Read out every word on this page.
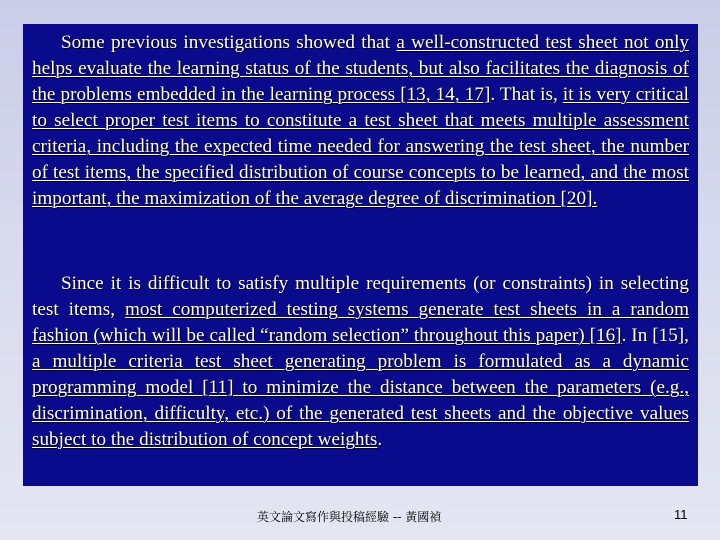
Some previous investigations showed that a well-constructed test sheet not only helps evaluate the learning status of the students, but also facilitates the diagnosis of the problems embedded in the learning process [13, 14, 17]. That is, it is very critical to select proper test items to constitute a test sheet that meets multiple assessment criteria, including the expected time needed for answering the test sheet, the number of test items, the specified distribution of course concepts to be learned, and the most important, the maximization of the average degree of discrimination [20].

Since it is difficult to satisfy multiple requirements (or constraints) in selecting test items, most computerized testing systems generate test sheets in a random fashion (which will be called “random selection” throughout this paper) [16]. In [15], a multiple criteria test sheet generating problem is formulated as a dynamic programming model [11] to minimize the distance between the parameters (e.g., discrimination, difficulty, etc.) of the generated test sheets and the objective values subject to the distribution of concept weights.

英文論文寫作與投稿經驗 -- 黃國禎	11
